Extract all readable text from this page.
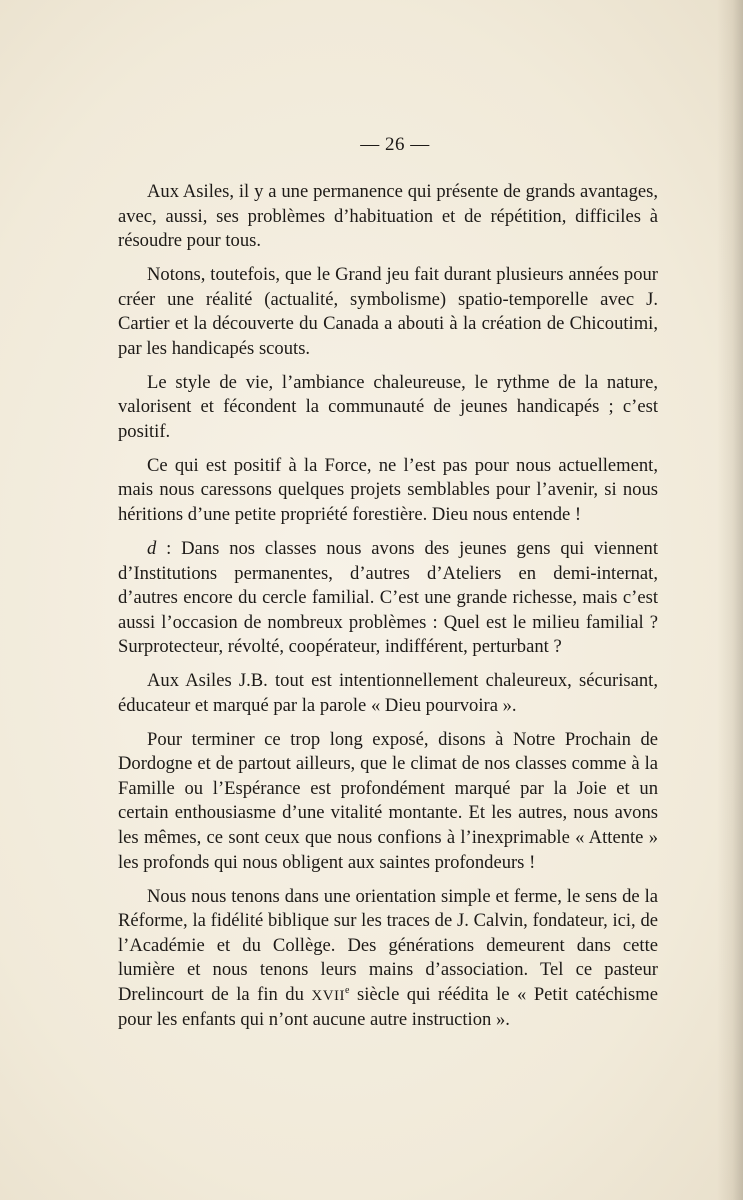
— 26 —

Aux Asiles, il y a une permanence qui présente de grands avantages, avec, aussi, ses problèmes d’habituation et de répétition, difficiles à résoudre pour tous.

Notons, toutefois, que le Grand jeu fait durant plusieurs années pour créer une réalité (actualité, symbolisme) spatio-temporelle avec J. Cartier et la découverte du Canada a abouti à la création de Chicoutimi, par les handicapés scouts.

Le style de vie, l’ambiance chaleureuse, le rythme de la nature, valorisent et fécondent la communauté de jeunes handicapés ; c’est positif.

Ce qui est positif à la Force, ne l’est pas pour nous actuellement, mais nous caressons quelques projets semblables pour l’avenir, si nous héritions d’une petite propriété forestière. Dieu nous entende !

d : Dans nos classes nous avons des jeunes gens qui viennent d’Institutions permanentes, d’autres d’Ateliers en demi-internat, d’autres encore du cercle familial. C’est une grande richesse, mais c’est aussi l’occasion de nombreux problèmes : Quel est le milieu familial ? Surprotecteur, révolté, coopérateur, indifférent, perturbant ?

Aux Asiles J.B. tout est intentionnellement chaleureux, sécurisant, éducateur et marqué par la parole « Dieu pourvoira ».

Pour terminer ce trop long exposé, disons à Notre Prochain de Dordogne et de partout ailleurs, que le climat de nos classes comme à la Famille ou l’Espérance est profondément marqué par la Joie et un certain enthousiasme d’une vitalité montante. Et les autres, nous avons les mêmes, ce sont ceux que nous confions à l’inexprimable « Attente » les profonds qui nous obligent aux saintes profondeurs !

Nous nous tenons dans une orientation simple et ferme, le sens de la Réforme, la fidélité biblique sur les traces de J. Calvin, fondateur, ici, de l’Académie et du Collège. Des générations demeurent dans cette lumière et nous tenons leurs mains d’association. Tel ce pasteur Drelincourt de la fin du XVIIe siècle qui réédita le « Petit catéchisme pour les enfants qui n’ont aucune autre instruction ».
